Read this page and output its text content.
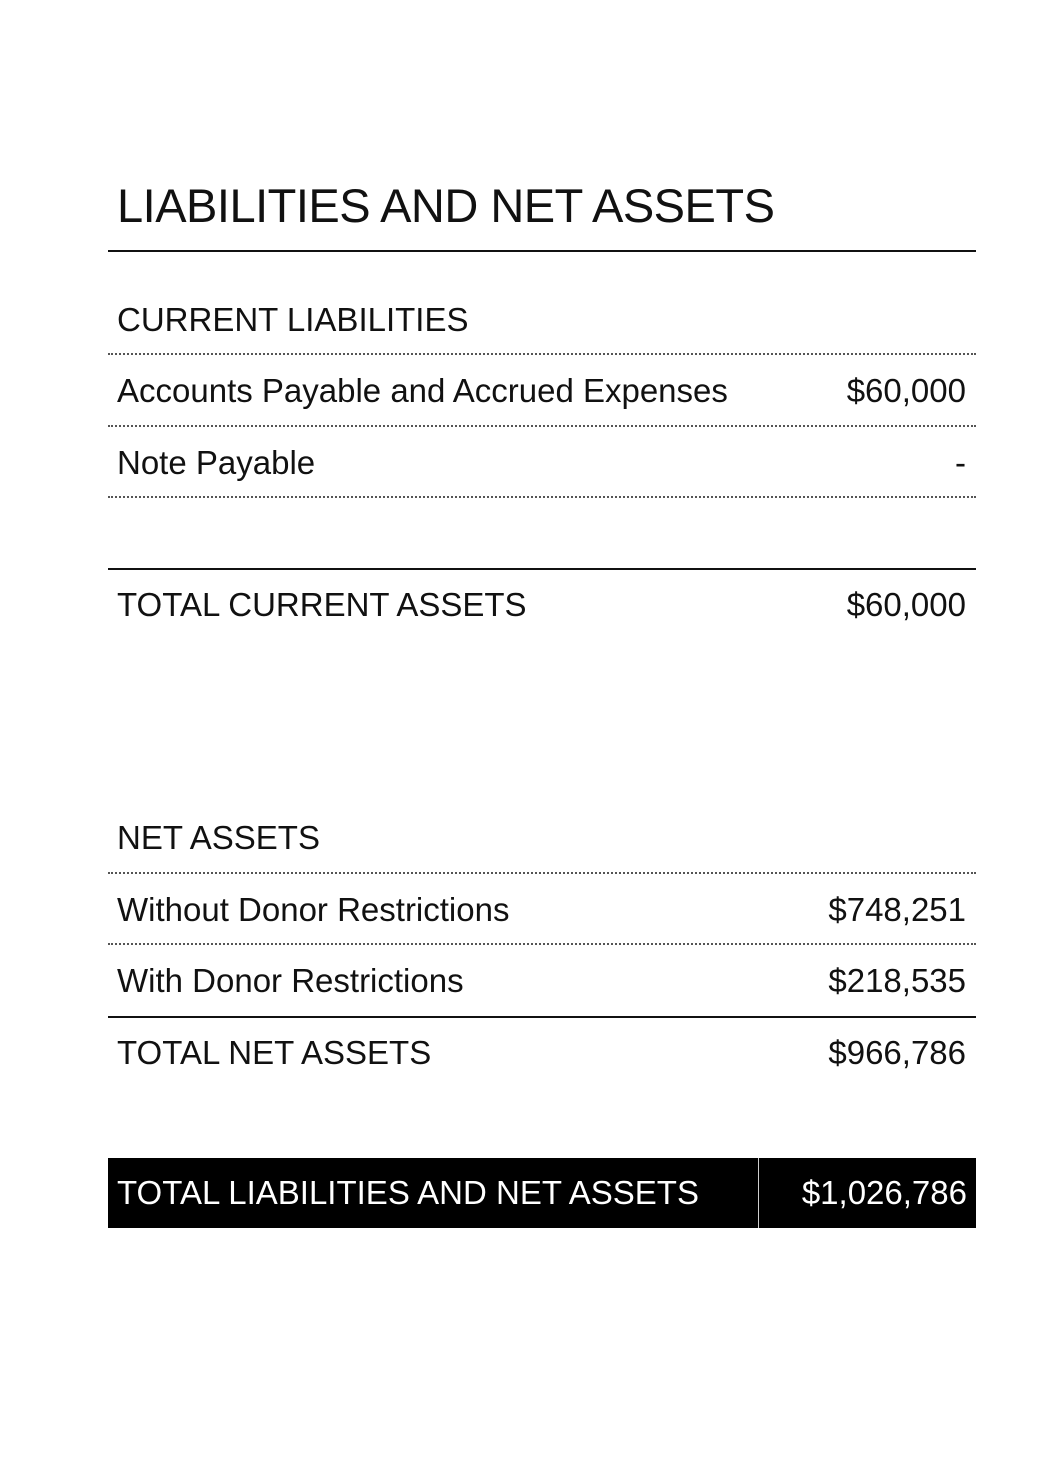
LIABILITIES AND NET ASSETS
CURRENT LIABILITIES
Accounts Payable and Accrued Expenses	$60,000
Note Payable	-
TOTAL CURRENT ASSETS	$60,000
NET ASSETS
Without Donor Restrictions	$748,251
With Donor Restrictions	$218,535
TOTAL NET ASSETS	$966,786
TOTAL LIABILITIES AND NET ASSETS	$1,026,786
